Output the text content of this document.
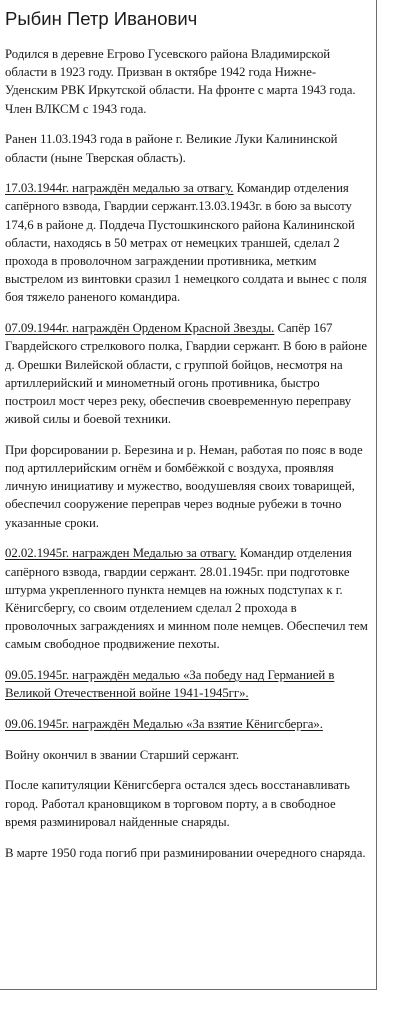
Рыбин Петр Иванович

Родился в деревне Егрово Гусевского района Владимирской области в 1923 году. Призван в октябре 1942 года Нижне-Уденским РВК Иркутской области. На фронте с марта 1943 года. Член ВЛКСМ с 1943 года.

Ранен 11.03.1943 года в районе г. Великие Луки Калининской области (ныне Тверская область).

17.03.1944г. награждён медалью за отвагу. Командир отделения сапёрного взвода, Гвардии сержант.13.03.1943г. в бою за высоту 174,6 в районе д. Поддеча Пустошкинского района Калининской области, находясь в 50 метрах от немецких траншей, сделал 2 прохода в проволочном заграждении противника, метким выстрелом из винтовки сразил 1 немецкого солдата и вынес с поля боя тяжело раненого командира.

07.09.1944г. награждён Орденом Красной Звезды. Сапёр 167 Гвардейского стрелкового полка, Гвардии сержант. В бою в районе д. Орешки Вилейской области, с группой бойцов, несмотря на артиллерийский и минометный огонь противника, быстро построил мост через реку, обеспечив своевременную переправу живой силы и боевой техники.

При форсировании р. Березина и р. Неман, работая по пояс в воде под артиллерийским огнём и бомбёжкой с воздуха, проявляя личную инициативу и мужество, воодушевляя своих товарищей, обеспечил сооружение переправ через водные рубежи в точно указанные сроки.

02.02.1945г. награжден Медалью за отвагу. Командир отделения сапёрного взвода, гвардии сержант. 28.01.1945г. при подготовке штурма укрепленного пункта немцев на южных подступах к г. Кёнигсбергу, со своим отделением сделал 2 прохода в проволочных заграждениях и минном поле немцев. Обеспечил тем самым свободное продвижение пехоты.

09.05.1945г. награждён медалью «За победу над Германией в Великой Отечественной войне 1941-1945гг».

09.06.1945г. награждён Медалью «За взятие Кёнигсберга».

Войну окончил в звании Старший сержант.

После капитуляции Кёнигсберга остался здесь восстанавливать город. Работал крановщиком в торговом порту, а в свободное время разминировал найденные снаряды.

В марте 1950 года погиб при разминировании очередного снаряда.
